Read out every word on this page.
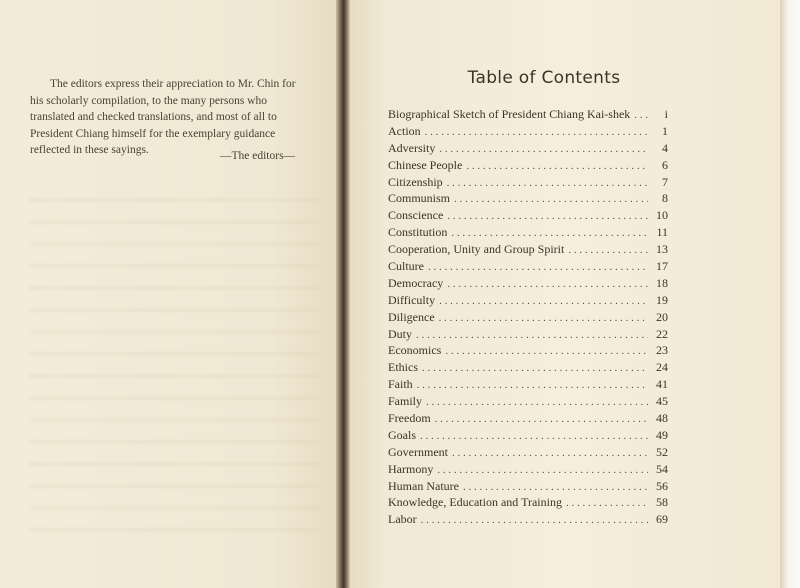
The editors express their appreciation to Mr. Chin for his scholarly compilation, to the many persons who translated and checked translations, and most of all to President Chiang himself for the exemplary guidance reflected in these sayings.	—The editors—
Table of Contents
Biographical Sketch of President Chiang Kai-shek . . .	i
Action . . .	1
Adversity . . .	4
Chinese People . . .	6
Citizenship . . .	7
Communism . . .	8
Conscience . . .	10
Constitution . . .	11
Cooperation, Unity and Group Spirit . . .	13
Culture . . .	17
Democracy . . .	18
Difficulty . . .	19
Diligence . . .	20
Duty . . .	22
Economics . . .	23
Ethics . . .	24
Faith . . .	41
Family . . .	45
Freedom . . .	48
Goals . . .	49
Government . . .	52
Harmony . . .	54
Human Nature . . .	56
Knowledge, Education and Training . . .	58
Labor . . .	69
